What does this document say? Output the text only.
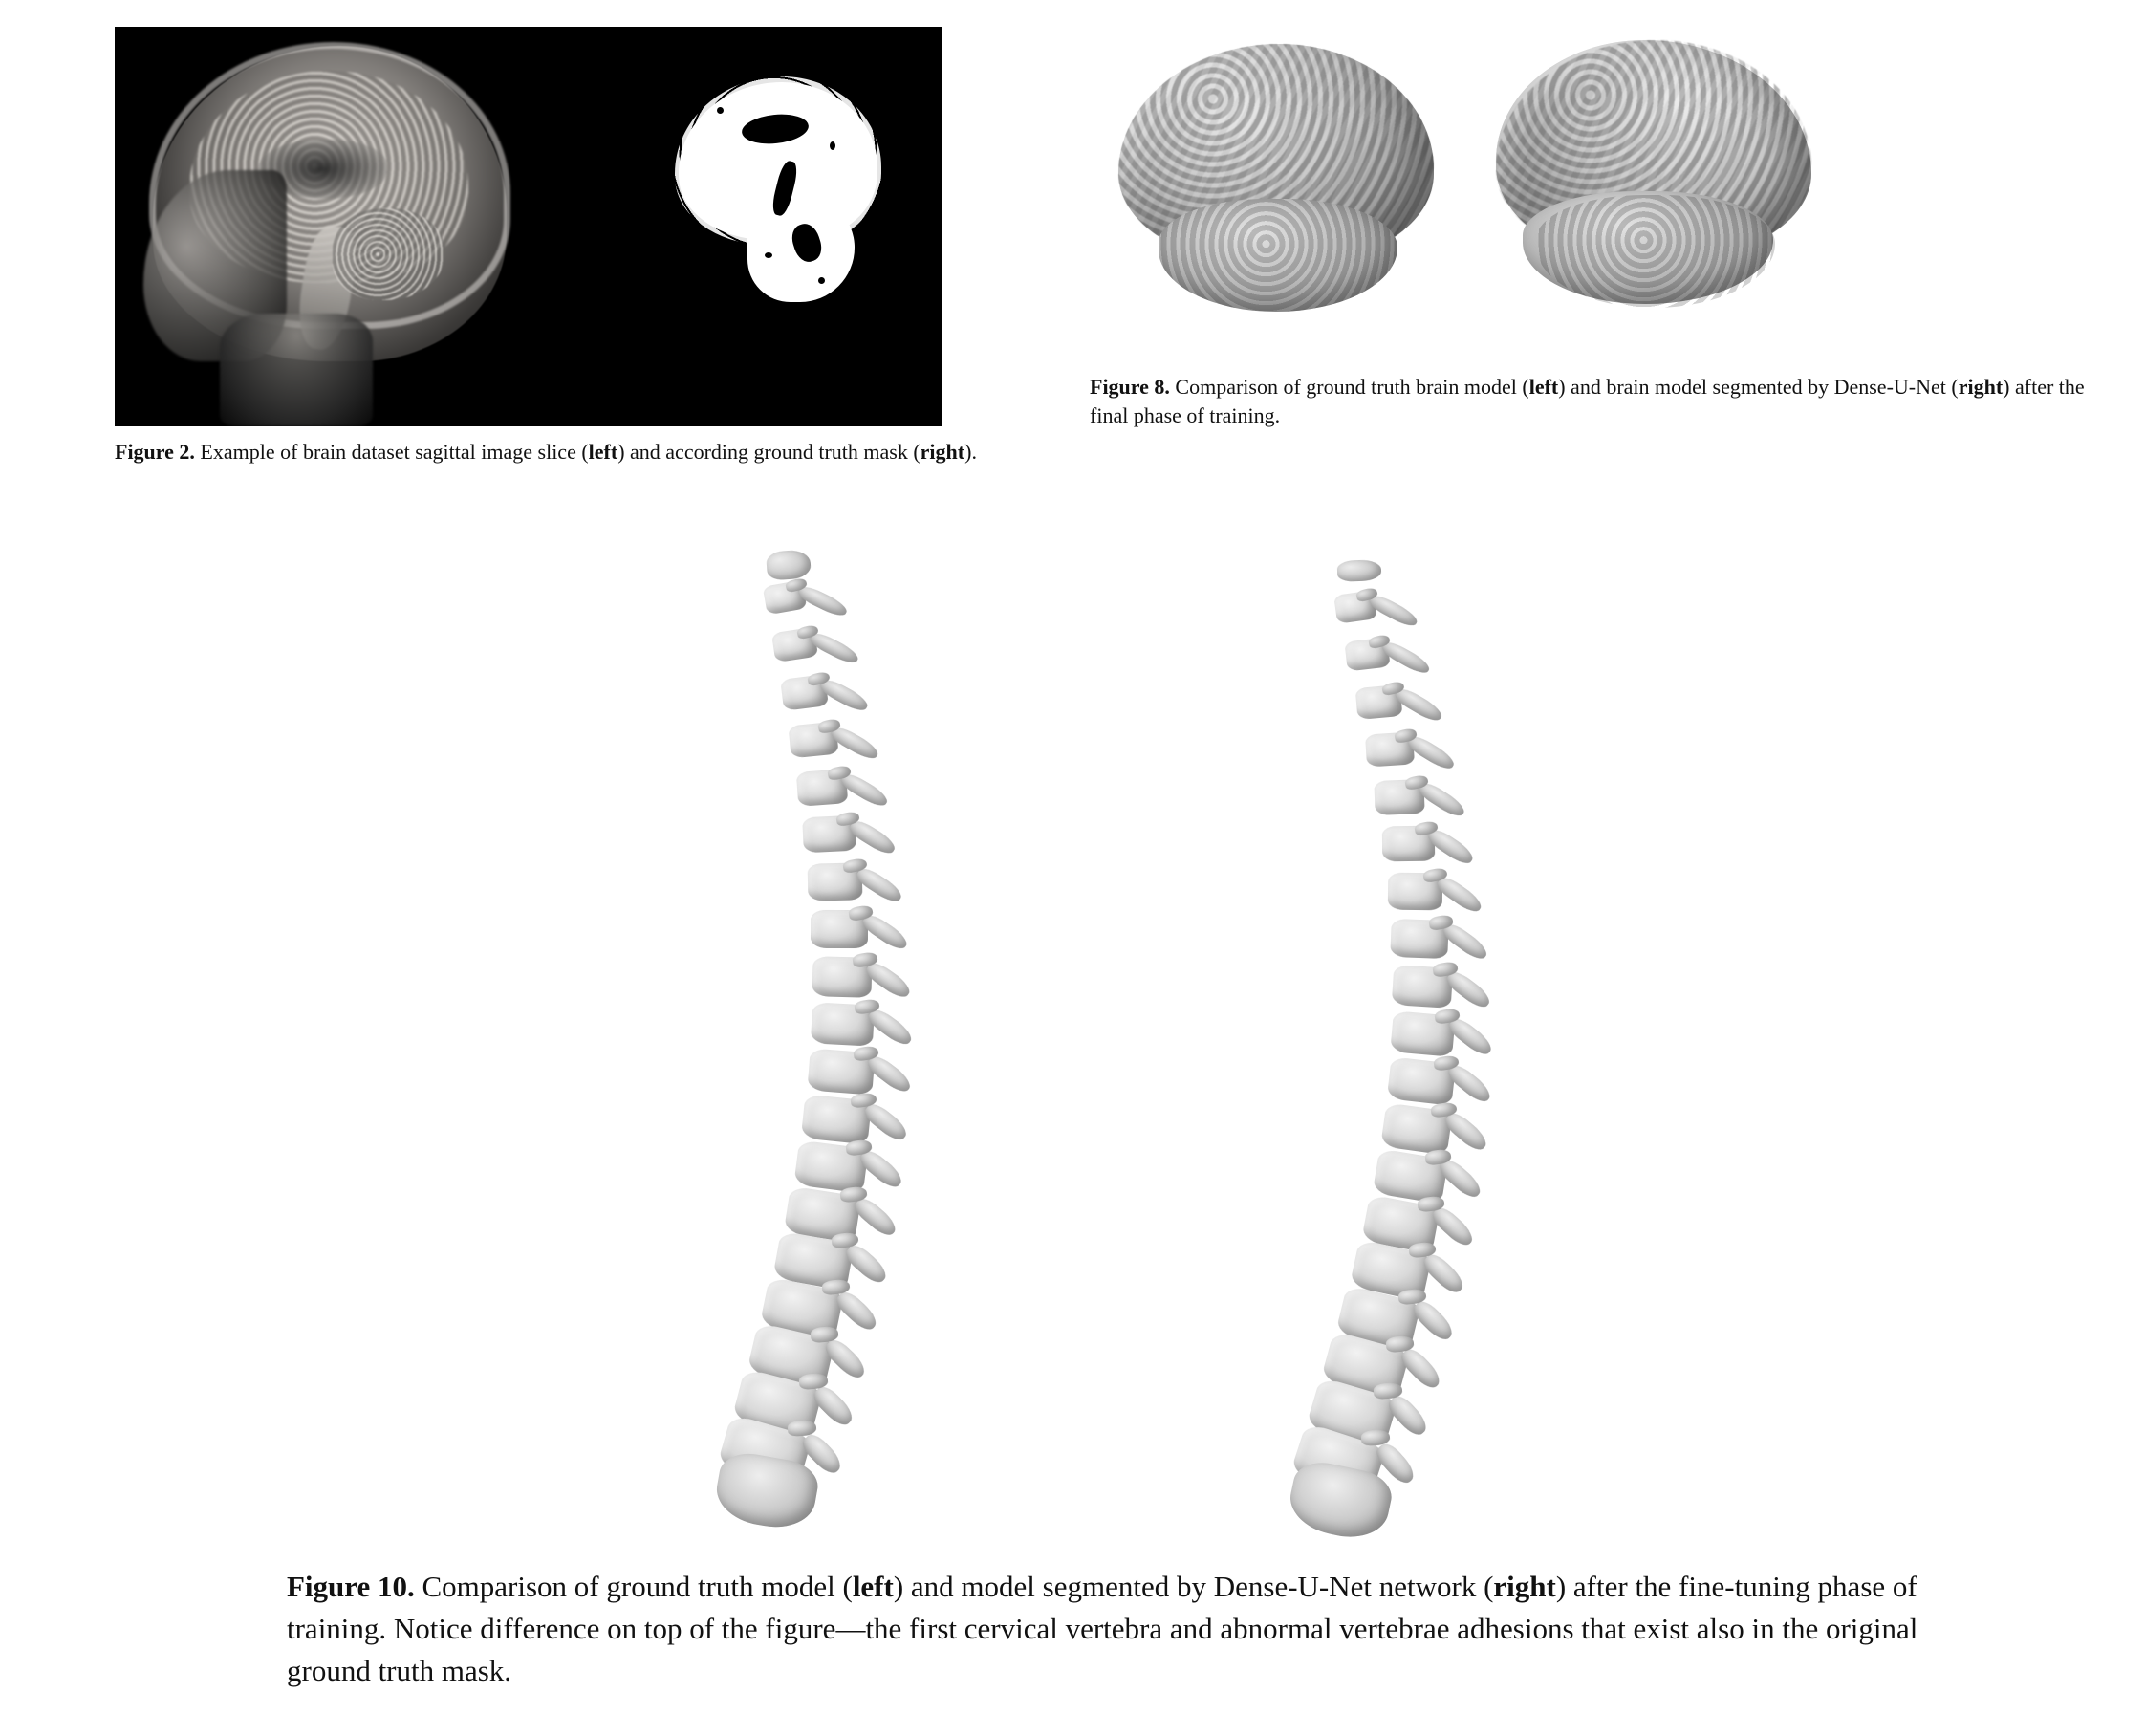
Figure 2. Example of brain dataset sagittal image slice (left) and according ground truth mask (right).
Figure 8. Comparison of ground truth brain model (left) and brain model segmented by Dense-U-Net (right) after the final phase of training.
Figure 10. Comparison of ground truth model (left) and model segmented by Dense-U-Net network (right) after the fine-tuning phase of training. Notice difference on top of the figure—the first cervical vertebra and abnormal vertebrae adhesions that exist also in the original ground truth mask.
